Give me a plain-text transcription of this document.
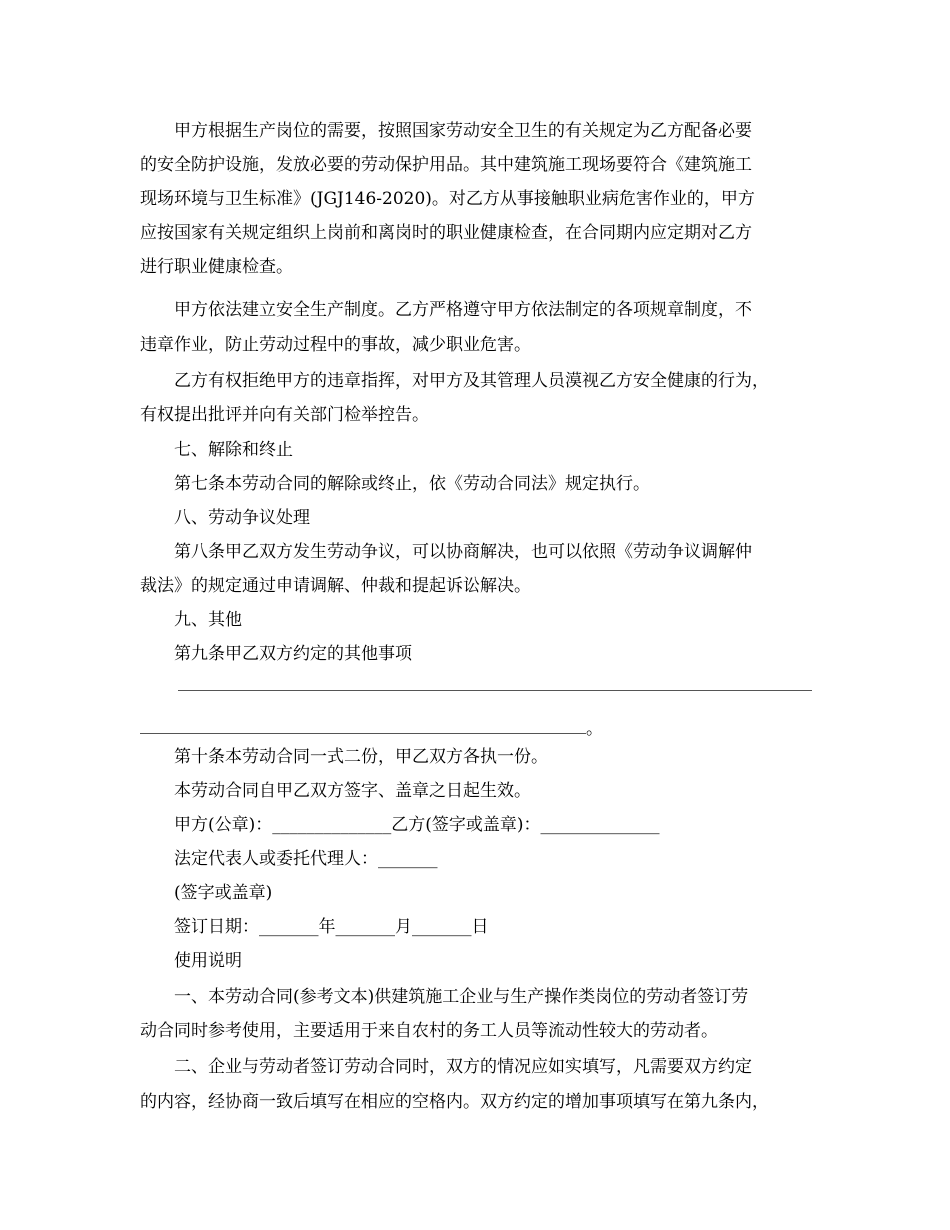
甲方根据生产岗位的需要，按照国家劳动安全卫生的有关规定为乙方配备必要
的安全防护设施，发放必要的劳动保护用品。其中建筑施工现场要符合《建筑施工
现场环境与卫生标准》(JGJ146-2020)。对乙方从事接触职业病危害作业的，甲方
应按国家有关规定组织上岗前和离岗时的职业健康检查，在合同期内应定期对乙方
进行职业健康检查。
甲方依法建立安全生产制度。乙方严格遵守甲方依法制定的各项规章制度，不
违章作业，防止劳动过程中的事故，减少职业危害。
乙方有权拒绝甲方的违章指挥，对甲方及其管理人员漠视乙方安全健康的行为，
有权提出批评并向有关部门检举控告。
七、解除和终止
第七条本劳动合同的解除或终止，依《劳动合同法》规定执行。
八、劳动争议处理
第八条甲乙双方发生劳动争议，可以协商解决，也可以依照《劳动争议调解仲
裁法》的规定通过申请调解、仲裁和提起诉讼解决。
九、其他
第九条甲乙双方约定的其他事项
。
第十条本劳动合同一式二份，甲乙双方各执一份。
本劳动合同自甲乙双方签字、盖章之日起生效。
甲方(公章)：______________乙方(签字或盖章)：______________
法定代表人或委托代理人：_______
(签字或盖章)
签订日期：_______年_______月_______日
使用说明
一、本劳动合同(参考文本)供建筑施工企业与生产操作类岗位的劳动者签订劳
动合同时参考使用，主要适用于来自农村的务工人员等流动性较大的劳动者。
二、企业与劳动者签订劳动合同时，双方的情况应如实填写，凡需要双方约定
的内容，经协商一致后填写在相应的空格内。双方约定的增加事项填写在第九条内，
